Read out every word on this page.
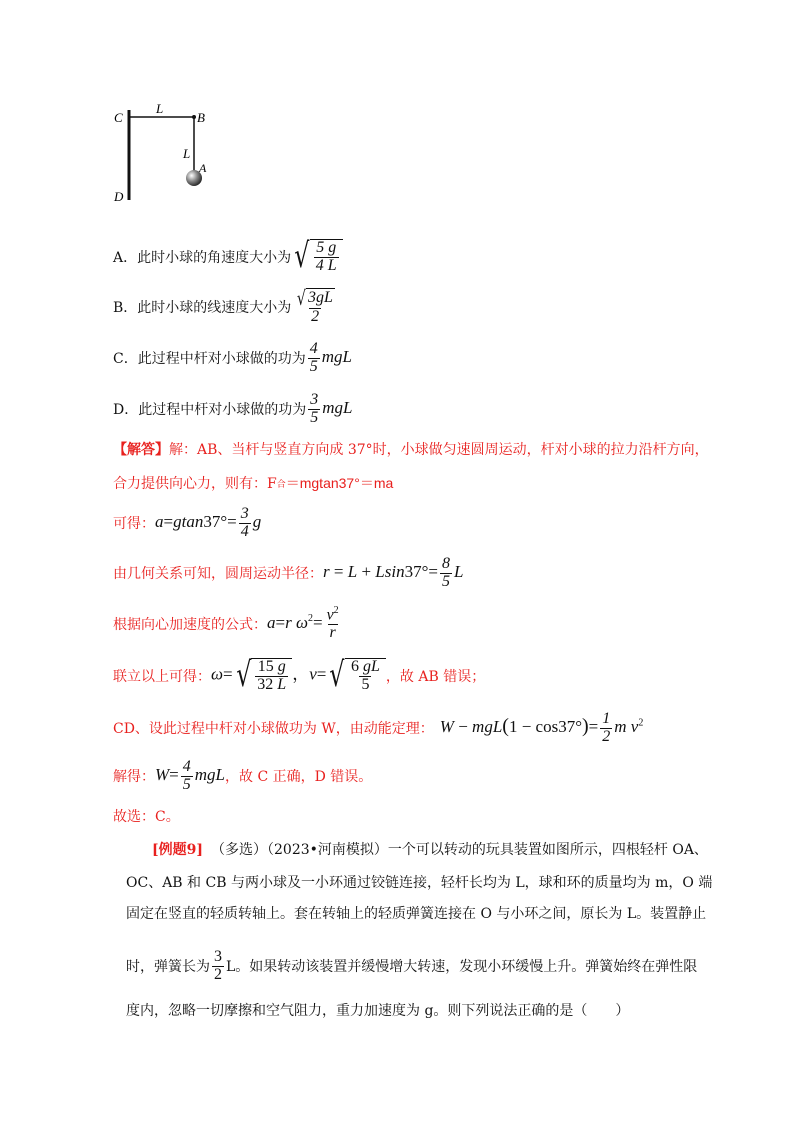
C
L
B
L
A
D
A． 此时小球的角速度大小为 √ $\frac{5 g}{4 L}$
B． 此时小球的线速度大小为 $\frac{√ 3 gL}{2}$
C． 此过程中杆对小球做的功为 $\frac{4}{5}$ mgL
D． 此过程中杆对小球做的功为 $\frac{3}{5}$ mgL
【解答】 解：AB、当杆与竖直方向成 37°时，小球做匀速圆周运动，杆对小球的拉力沿杆方向，
合力提供向心力，则有：F 合 ＝mgtan37°＝ma
可得： $a=gtan37^\circ= \frac{3}{4}$ g
由几何关系可知，圆周运动半径： $r = L + Lsin37^\circ= \frac{8}{5}$ L
根据向心加速度的公式： a=r $\omega^2= \frac{v^2}{r}$
联立以上可得： ω= √ $\frac{15 g}{32 L}$ ，v= √ $\frac{6 gL}{5}$ ，故 AB 错误；
CD、设此过程中杆对小球做功为 W，由动能定理： $W - mgL(1 - \cos 37^\circ)= \frac{1}{2}$ m $v^2$
解得： $W= \frac{4}{5}$ mgL ，故 C 正确，D 错误。
故选：C。
[例题9] （多选）（2023•河南模拟）一个可以转动的玩具装置如图所示，四根轻杆 OA、
OC、AB 和 CB 与两小球及一小环通过铰链连接，轻杆长均为 L，球和环的质量均为 m，O 端
固定在竖直的轻质转轴上。套在转轴上的轻质弹簧连接在 O 与小环之间，原长为 L。装置静止
时，弹簧长为 $\frac{3}{2}$ L。如果转动该装置并缓慢增大转速，发现小环缓慢上升。弹簧始终在弹性限
度内，忽略一切摩擦和空气阻力，重力加速度为 g。则下列说法正确的是（　　）
